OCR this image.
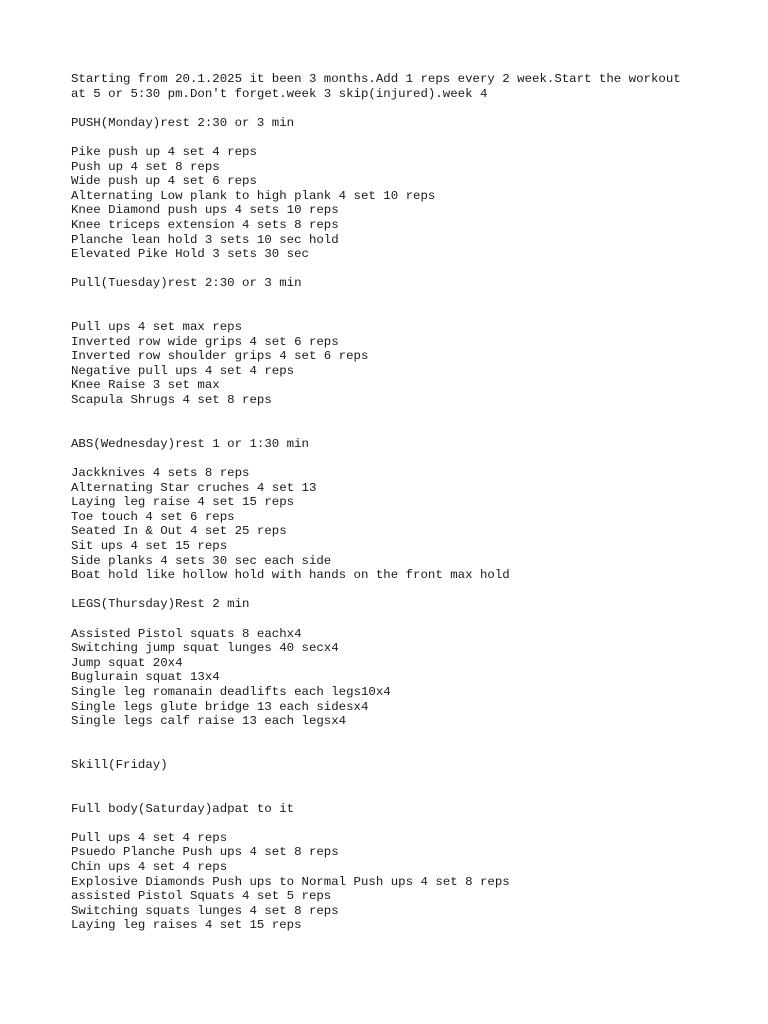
Starting from 20.1.2025 it been 3 months.Add 1 reps every 2 week.Start the workout
at 5 or 5:30 pm.Don't forget.week 3 skip(injured).week 4
PUSH(Monday)rest 2:30 or 3 min
Pike push up 4 set 4 reps
Push up 4 set 8 reps
Wide push up 4 set 6 reps
Alternating Low plank to high plank 4 set 10 reps
Knee Diamond push ups 4 sets 10 reps
Knee triceps extension 4 sets 8 reps
Planche lean hold 3 sets 10 sec hold
Elevated Pike Hold 3 sets 30 sec
Pull(Tuesday)rest 2:30 or 3 min
Pull ups 4 set max reps
Inverted row wide grips 4 set 6 reps
Inverted row shoulder grips 4 set 6 reps
Negative pull ups 4 set 4 reps
Knee Raise 3 set max
Scapula Shrugs 4 set 8 reps
ABS(Wednesday)rest 1 or 1:30 min
Jackknives 4 sets 8 reps
Alternating Star cruches 4 set 13
Laying leg raise 4 set 15 reps
Toe touch 4 set 6 reps
Seated In & Out 4 set 25 reps
Sit ups 4 set 15 reps
Side planks 4 sets 30 sec each side
Boat hold like hollow hold with hands on the front max hold
LEGS(Thursday)Rest 2 min
Assisted Pistol squats 8 eachx4
Switching jump squat lunges 40 secx4
Jump squat 20x4
Buglurain squat 13x4
Single leg romanain deadlifts each legs10x4
Single legs glute bridge 13 each sidesx4
Single legs calf raise 13 each legsx4
Skill(Friday)
Full body(Saturday)adpat to it
Pull ups 4 set 4 reps
Psuedo Planche Push ups 4 set 8 reps
Chin ups 4 set 4 reps
Explosive Diamonds Push ups to Normal Push ups 4 set 8 reps
assisted Pistol Squats 4 set 5 reps
Switching squats lunges 4 set 8 reps
Laying leg raises 4 set 15 reps
